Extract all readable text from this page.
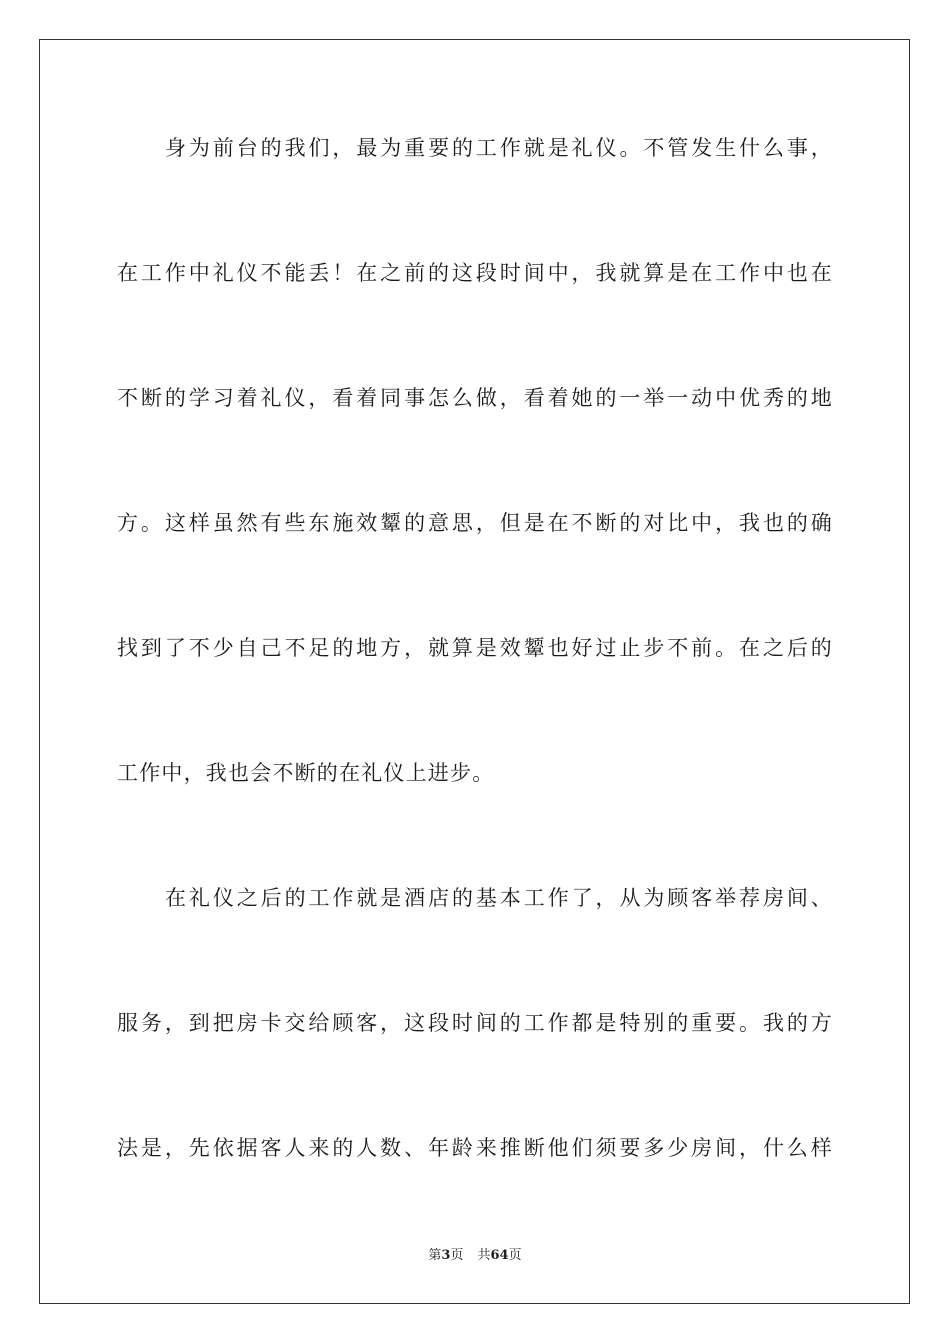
身为前台的我们，最为重要的工作就是礼仪。不管发生什么事，
在工作中礼仪不能丢！在之前的这段时间中，我就算是在工作中也在
不断的学习着礼仪，看着同事怎么做，看着她的一举一动中优秀的地
方。这样虽然有些东施效颦的意思，但是在不断的对比中，我也的确
找到了不少自己不足的地方，就算是效颦也好过止步不前。在之后的
工作中，我也会不断的在礼仪上进步。
在礼仪之后的工作就是酒店的基本工作了，从为顾客举荐房间、
服务，到把房卡交给顾客，这段时间的工作都是特别的重要。我的方
法是，先依据客人来的人数、年龄来推断他们须要多少房间，什么样
第3页 共64页
